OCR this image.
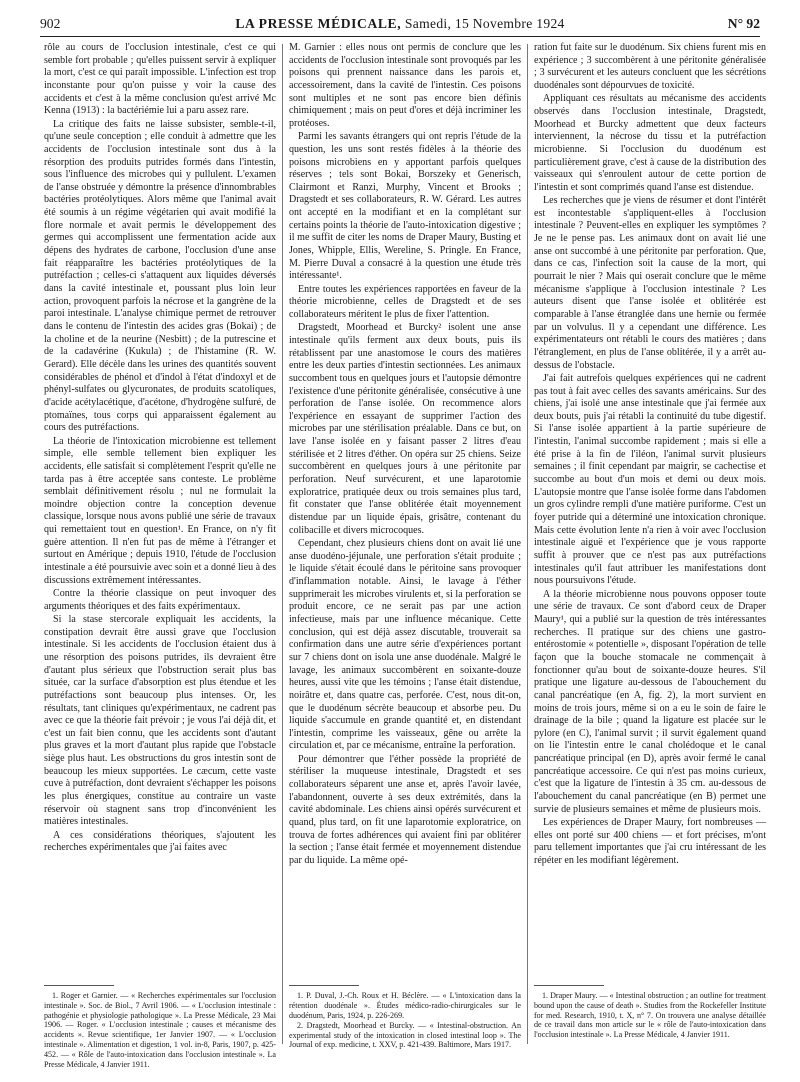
902	LA PRESSE MÉDICALE, Samedi, 15 Novembre 1924	N° 92

rôle au cours de l'occlusion intestinale, c'est ce qui semble fort probable ; qu'elles puissent servir à expliquer la mort, c'est ce qui paraît impossible. L'infection est trop inconstante pour qu'on puisse y voir la cause des accidents et c'est à la même conclusion qu'est arrivé Mc Kenna (1913) : la bactériémie lui a paru assez rare.

La critique des faits ne laisse subsister, semble-t-il, qu'une seule conception ; elle conduit à admettre que les accidents de l'occlusion intestinale sont dus à la résorption des produits putrides formés dans l'intestin, sous l'influence des microbes qui y pullulent. L'examen de l'anse obstruée y démontre la présence d'innombrables bactéries protéolytiques. Alors même que l'animal avait été soumis à un régime végétarien qui avait modifié la flore normale et avait permis le développement des germes qui accomplissent une fermentation acide aux dépens des hydrates de carbone, l'occlusion d'une anse fait réapparaître les bactéries protéolytiques de la putréfaction ; celles-ci s'attaquent aux liquides déversés dans la cavité intestinale et, poussant plus loin leur action, provoquent parfois la nécrose et la gangrène de la paroi intestinale. L'analyse chimique permet de retrouver dans le contenu de l'intestin des acides gras (Bokai) ; de la choline et de la neurine (Nesbitt) ; de la putrescine et de la cadavérine (Kukula) ; de l'histamine (R. W. Gerard). Elle décèle dans les urines des quantités souvent considérables de phénol et d'indol à l'état d'indoxyl et de phényl-sulfates ou glycuronates, de produits scatoliques, d'acide acétylacétique, d'acétone, d'hydrogène sulfuré, de ptomaïnes, tous corps qui apparaissent également au cours des putréfactions.

La théorie de l'intoxication microbienne est tellement simple, elle semble tellement bien expliquer les accidents, elle satisfait si complètement l'esprit qu'elle ne tarda pas à être acceptée sans conteste. Le problème semblait définitivement résolu ; nul ne formulait la moindre objection contre la conception devenue classique, lorsque nous avons publié une série de travaux qui remettaient tout en question¹. En France, on n'y fit guère attention. Il n'en fut pas de même à l'étranger et surtout en Amérique ; depuis 1910, l'étude de l'occlusion intestinale a été poursuivie avec soin et a donné lieu à des discussions extrêmement intéressantes.

Contre la théorie classique on peut invoquer des arguments théoriques et des faits expérimentaux.

Si la stase stercorale expliquait les accidents, la constipation devrait être aussi grave que l'occlusion intestinale. Si les accidents de l'occlusion étaient dus à une résorption des poisons putrides, ils devraient être d'autant plus sérieux que l'obstruction serait plus bas située, car la surface d'absorption est plus étendue et les putréfactions sont beaucoup plus intenses. Or, les résultats, tant cliniques qu'expérimentaux, ne cadrent pas avec ce que la théorie fait prévoir ; je vous l'ai déjà dit, et c'est un fait bien connu, que les accidents sont d'autant plus graves et la mort d'autant plus rapide que l'obstacle siège plus haut. Les obstructions du gros intestin sont de beaucoup les mieux supportées. Le cæcum, cette vaste cuve à putréfaction, dont devraient s'échapper les poisons les plus énergiques, constitue au contraire un vaste réservoir où stagnent sans trop d'inconvénient les matières intestinales.

A ces considérations théoriques, s'ajoutent les recherches expérimentales que j'ai faites avec

1. Roger et Garnier. — « Recherches expérimentales sur l'occlusion intestinale ». Soc. de Biol., 7 Avril 1906. — « L'occlusion intestinale : pathogénie et physiologie pathologique ». La Presse Médicale, 23 Mai 1906. — Roger. « L'occlusion intestinale ; causes et mécanisme des accidents ». Revue scientifique, 1er Janvier 1907. — « L'occlusion intestinale ». Alimentation et digestion, 1 vol. in-8, Paris, 1907, p. 425-452. — « Rôle de l'auto-intoxication dans l'occlusion intestinale ». La Presse Médicale, 4 Janvier 1911.

M. Garnier : elles nous ont permis de conclure que les accidents de l'occlusion intestinale sont provoqués par les poisons qui prennent naissance dans les parois et, accessoirement, dans la cavité de l'intestin. Ces poisons sont multiples et ne sont pas encore bien définis chimiquement ; mais on peut d'ores et déjà incriminer les protéoses.

Parmi les savants étrangers qui ont repris l'étude de la question, les uns sont restés fidèles à la théorie des poisons microbiens en y apportant parfois quelques réserves ; tels sont Bokai, Borszeky et Generisch, Clairmont et Ranzi, Murphy, Vincent et Brooks ; Dragstedt et ses collaborateurs, R. W. Gérard. Les autres ont accepté en la modifiant et en la complétant sur certains points la théorie de l'auto-intoxication digestive ; il me suffit de citer les noms de Draper Maury, Busting et Jones, Whipple, Ellis, Wereline, S. Pringle. En France, M. Pierre Duval a consacré à la question une étude très intéressante¹.

Entre toutes les expériences rapportées en faveur de la théorie microbienne, celles de Dragstedt et de ses collaborateurs méritent le plus de fixer l'attention.

Dragstedt, Moorhead et Burcky² isolent une anse intestinale qu'ils ferment aux deux bouts, puis ils rétablissent par une anastomose le cours des matières entre les deux parties d'intestin sectionnées. Les animaux succombent tous en quelques jours et l'autopsie démontre l'existence d'une péritonite généralisée, consécutive à une perforation de l'anse isolée. On recommence alors l'expérience en essayant de supprimer l'action des microbes par une stérilisation préalable. Dans ce but, on lave l'anse isolée en y faisant passer 2 litres d'eau stérilisée et 2 litres d'éther. On opéra sur 25 chiens. Seize succombèrent en quelques jours à une péritonite par perforation. Neuf survécurent, et une laparotomie exploratrice, pratiquée deux ou trois semaines plus tard, fit constater que l'anse oblitérée était moyennement distendue par un liquide épais, grisâtre, contenant du colibacille et divers microcoques.

Cependant, chez plusieurs chiens dont on avait lié une anse duodéno-jéjunale, une perforation s'était produite ; le liquide s'était écoulé dans le péritoine sans provoquer d'inflammation notable. Ainsi, le lavage à l'éther supprimerait les microbes virulents et, si la perforation se produit encore, ce ne serait pas par une action infectieuse, mais par une influence mécanique. Cette conclusion, qui est déjà assez discutable, trouverait sa confirmation dans une autre série d'expériences portant sur 7 chiens dont on isola une anse duodénale. Malgré le lavage, les animaux succombèrent en soixante-douze heures, aussi vite que les témoins ; l'anse était distendue, noirâtre et, dans quatre cas, perforée. C'est, nous dit-on, que le duodénum sécrète beaucoup et absorbe peu. Du liquide s'accumule en grande quantité et, en distendant l'intestin, comprime les vaisseaux, gêne ou arrête la circulation et, par ce mécanisme, entraîne la perforation.

Pour démontrer que l'éther possède la propriété de stériliser la muqueuse intestinale, Dragstedt et ses collaborateurs séparent une anse et, après l'avoir lavée, l'abandonnent, ouverte à ses deux extrémités, dans la cavité abdominale. Les chiens ainsi opérés survécurent et quand, plus tard, on fit une laparotomie exploratrice, on trouva de fortes adhérences qui avaient fini par oblitérer la section ; l'anse était fermée et moyennement distendue par du liquide. La même opé-

1. P. Duval, J.-Ch. Roux et H. Béclère. — « L'intoxication dans la rétention duodénale ». Études médico-radio-chirurgicales sur le duodénum, Paris, 1924, p. 226-269.

2. Dragstedt, Moorhead et Burcky. — « Intestinal-obstruction. An experimental study of the intoxication in closed intestinal loop ». The Journal of exp. medicine, t. XXV, p. 421-439. Baltimore, Mars 1917.

ration fut faite sur le duodénum. Six chiens furent mis en expérience ; 3 succombèrent à une péritonite généralisée ; 3 survécurent et les auteurs concluent que les sécrétions duodénales sont dépourvues de toxicité.

Appliquant ces résultats au mécanisme des accidents observés dans l'occlusion intestinale, Dragstedt, Moorhead et Burcky admettent que deux facteurs interviennent, la nécrose du tissu et la putréfaction microbienne. Si l'occlusion du duodénum est particulièrement grave, c'est à cause de la distribution des vaisseaux qui s'enroulent autour de cette portion de l'intestin et sont comprimés quand l'anse est distendue.

Les recherches que je viens de résumer et dont l'intérêt est incontestable s'appliquent-elles à l'occlusion intestinale ? Peuvent-elles en expliquer les symptômes ? Je ne le pense pas. Les animaux dont on avait lié une anse ont succombé à une péritonite par perforation. Que, dans ce cas, l'infection soit la cause de la mort, qui pourrait le nier ? Mais qui oserait conclure que le même mécanisme s'applique à l'occlusion intestinale ? Les auteurs disent que l'anse isolée et oblitérée est comparable à l'anse étranglée dans une hernie ou fermée par un volvulus. Il y a cependant une différence. Les expérimentateurs ont rétabli le cours des matières ; dans l'étranglement, en plus de l'anse oblitérée, il y a arrêt au-dessus de l'obstacle.

J'ai fait autrefois quelques expériences qui ne cadrent pas tout à fait avec celles des savants américains. Sur des chiens, j'ai isolé une anse intestinale que j'ai fermée aux deux bouts, puis j'ai rétabli la continuité du tube digestif. Si l'anse isolée appartient à la partie supérieure de l'intestin, l'animal succombe rapidement ; mais si elle a été prise à la fin de l'iléon, l'animal survit plusieurs semaines ; il finit cependant par maigrir, se cachectise et succombe au bout d'un mois et demi ou deux mois. L'autopsie montre que l'anse isolée forme dans l'abdomen un gros cylindre rempli d'une matière puriforme. C'est un foyer putride qui a déterminé une intoxication chronique. Mais cette évolution lente n'a rien à voir avec l'occlusion intestinale aiguë et l'expérience que je vous rapporte suffit à prouver que ce n'est pas aux putréfactions intestinales qu'il faut attribuer les manifestations dont nous poursuivons l'étude.

A la théorie microbienne nous pouvons opposer toute une série de travaux. Ce sont d'abord ceux de Draper Maury¹, qui a publié sur la question de très intéressantes recherches. Il pratique sur des chiens une gastro-entérostomie « potentielle », disposant l'opération de telle façon que la bouche stomacale ne commençait à fonctionner qu'au bout de soixante-douze heures. S'il pratique une ligature au-dessous de l'abouchement du canal pancréatique (en A, fig. 2), la mort survient en moins de trois jours, même si on a eu le soin de faire le drainage de la bile ; quand la ligature est placée sur le pylore (en C), l'animal survit ; il survit également quand on lie l'intestin entre le canal cholédoque et le canal pancréatique principal (en D), après avoir fermé le canal pancréatique accessoire. Ce qui n'est pas moins curieux, c'est que la ligature de l'intestin à 35 cm. au-dessous de l'abouchement du canal pancréatique (en B) permet une survie de plusieurs semaines et même de plusieurs mois.

Les expériences de Draper Maury, fort nombreuses — elles ont porté sur 400 chiens — et fort précises, m'ont paru tellement importantes que j'ai cru intéressant de les répéter en les modifiant légèrement.

1. Draper Maury. — « Intestinal obstruction ; an outline for treatment bound upon the cause of death ». Studies from the Rockefeller Institute for med. Research, 1910, t. X, n° 7. On trouvera une analyse détaillée de ce travail dans mon article sur le « rôle de l'auto-intoxication dans l'occlusion intestinale ». La Presse Médicale, 4 Janvier 1911.
